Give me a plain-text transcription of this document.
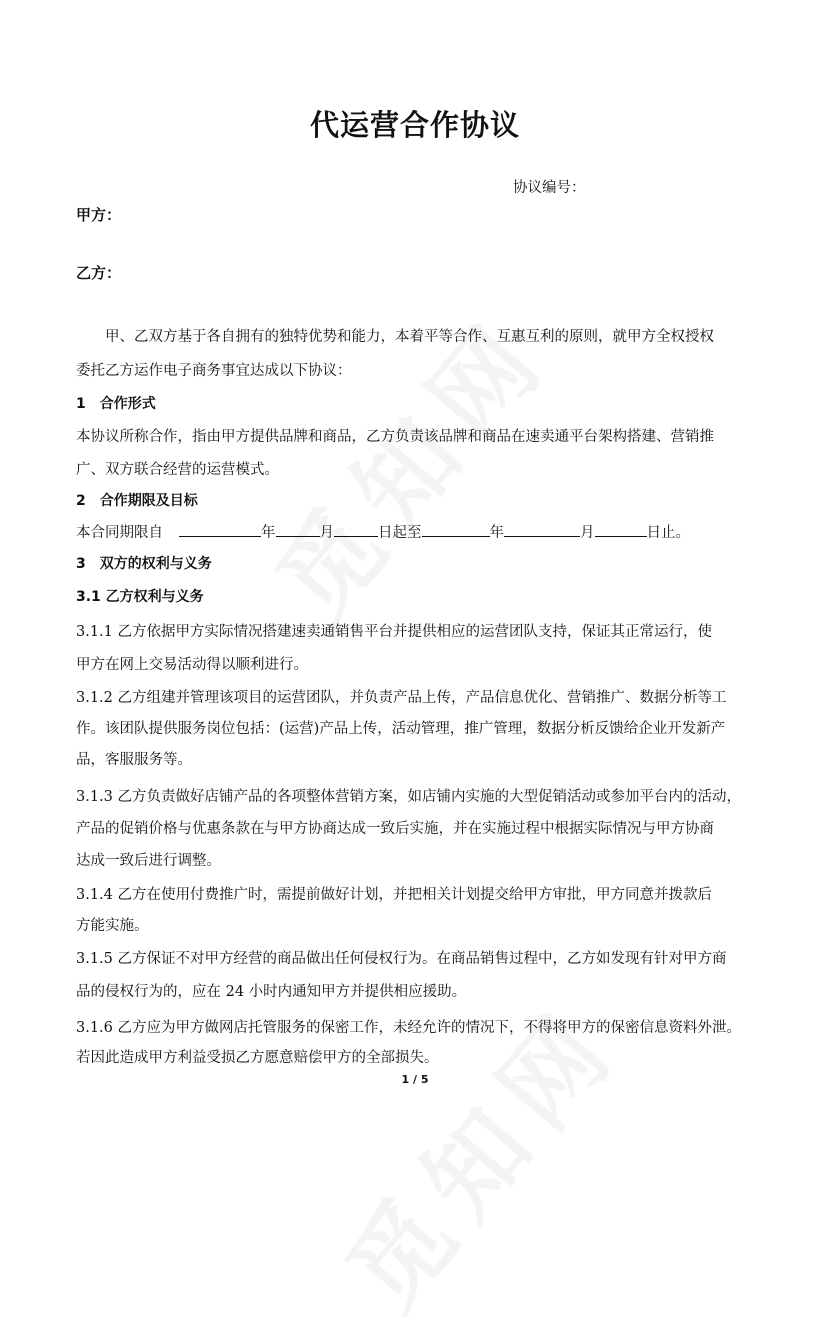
代运营合作协议
协议编号：
甲方：
乙方：
甲、乙双方基于各自拥有的独特优势和能力，本着平等合作、互惠互利的原则，就甲方全权授权
委托乙方运作电子商务事宜达成以下协议：
1　合作形式
本协议所称合作，指由甲方提供品牌和商品，乙方负责该品牌和商品在速卖通平台架构搭建、营销推
广、双方联合经营的运营模式。
2　合作期限及目标
本合同期限自	年	月	日起至	年	月	日止。
3　双方的权利与义务
3.1 乙方权利与义务
3.1.1 乙方依据甲方实际情况搭建速卖通销售平台并提供相应的运营团队支持，保证其正常运行，使
甲方在网上交易活动得以顺利进行。
3.1.2 乙方组建并管理该项目的运营团队，并负责产品上传，产品信息优化、营销推广、数据分析等工
作。该团队提供服务岗位包括：(运营)产品上传，活动管理，推广管理，数据分析反馈给企业开发新产
品，客服服务等。
3.1.3 乙方负责做好店铺产品的各项整体营销方案，如店铺内实施的大型促销活动或参加平台内的活动，
产品的促销价格与优惠条款在与甲方协商达成一致后实施，并在实施过程中根据实际情况与甲方协商
达成一致后进行调整。
3.1.4 乙方在使用付费推广时，需提前做好计划，并把相关计划提交给甲方审批，甲方同意并拨款后
方能实施。
3.1.5 乙方保证不对甲方经营的商品做出任何侵权行为。在商品销售过程中，乙方如发现有针对甲方商
品的侵权行为的，应在 24 小时内通知甲方并提供相应援助。
3.1.6 乙方应为甲方做网店托管服务的保密工作，未经允许的情况下，不得将甲方的保密信息资料外泄。
若因此造成甲方利益受损乙方愿意赔偿甲方的全部损失。
1 / 5
